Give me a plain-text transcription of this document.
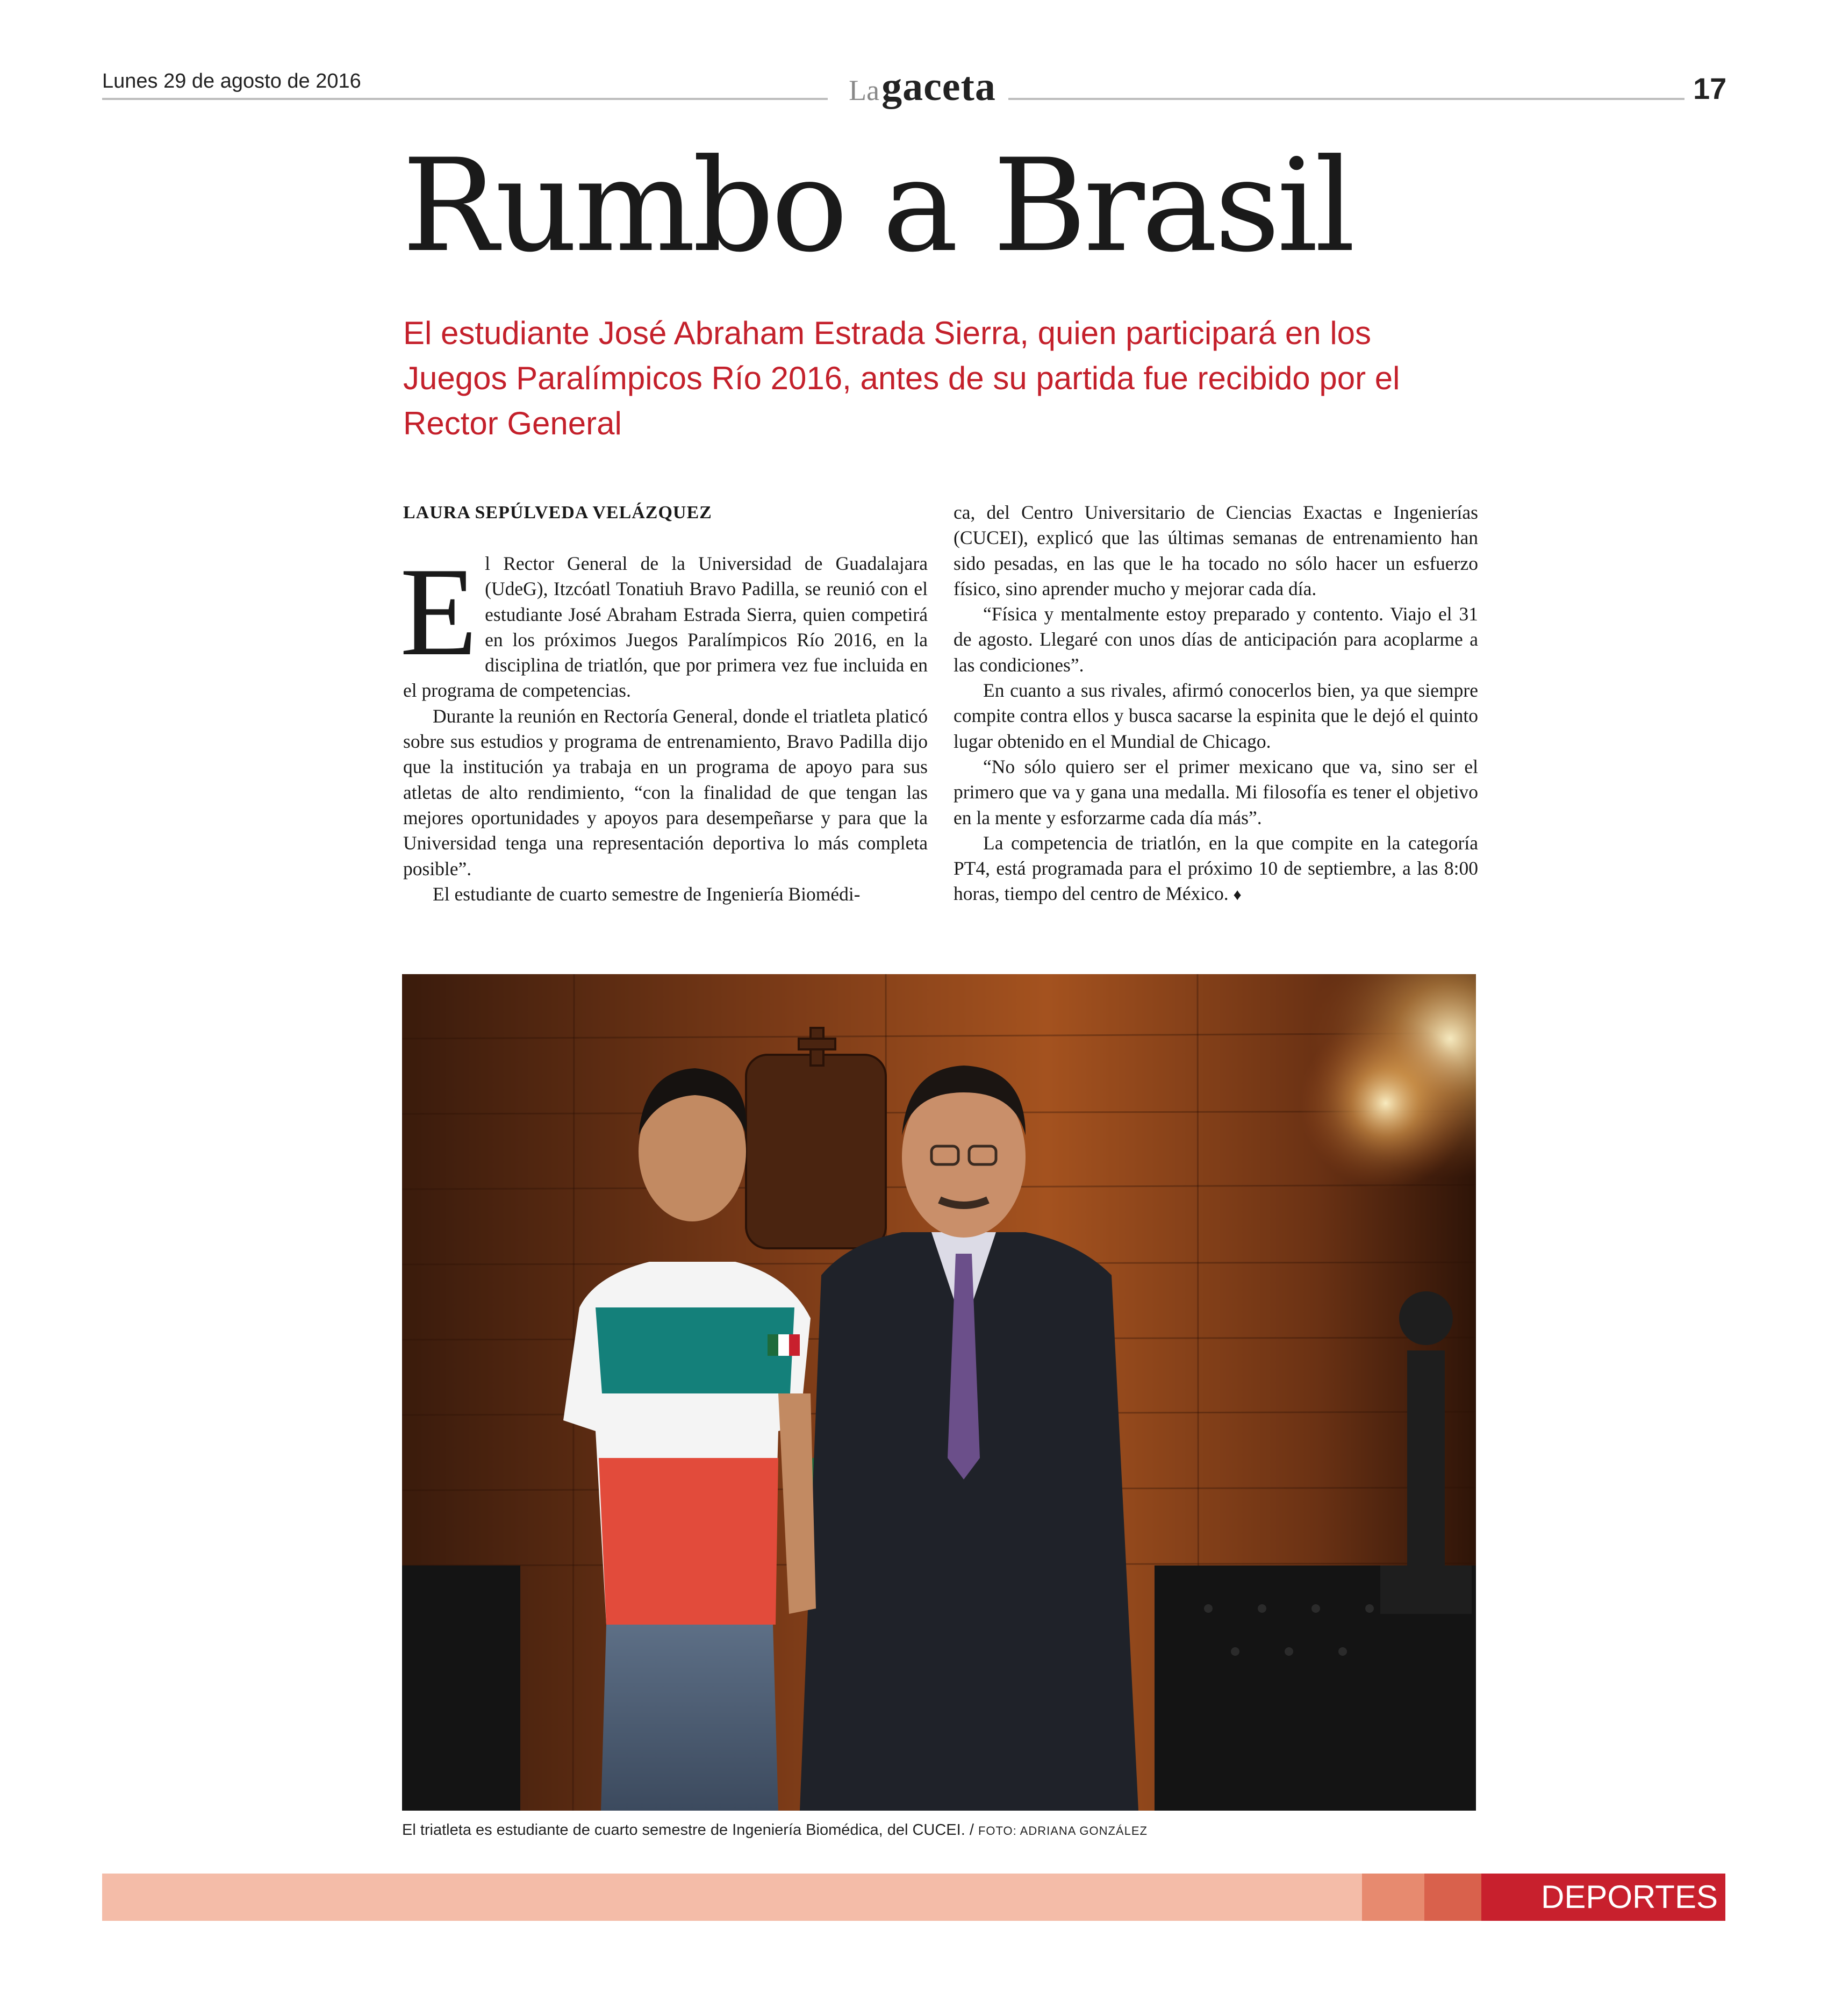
Lunes 29 de agosto de 2016	La gaceta	17
Rumbo a Brasil
El estudiante José Abraham Estrada Sierra, quien participará en los Juegos Paralímpicos Río 2016, antes de su partida fue recibido por el Rector General
LAURA SEPÚLVEDA VELÁZQUEZ

El Rector General de la Universidad de Guadalajara (UdeG), Itzcóatl Tonatiuh Bravo Padilla, se reunió con el estudiante José Abraham Estrada Sierra, quien competirá en los próximos Juegos Paralímpicos Río 2016, en la disciplina de triatlón, que por primera vez fue incluida en el programa de competencias.

Durante la reunión en Rectoría General, donde el triatleta platicó sobre sus estudios y programa de entrenamiento, Bravo Padilla dijo que la institución ya trabaja en un programa de apoyo para sus atletas de alto rendimiento, “con la finalidad de que tengan las mejores oportunidades y apoyos para desempeñarse y para que la Universidad tenga una representación deportiva lo más completa posible”.

El estudiante de cuarto semestre de Ingeniería Biomédi-

ca, del Centro Universitario de Ciencias Exactas e Ingenierías (CUCEI), explicó que las últimas semanas de entrenamiento han sido pesadas, en las que le ha tocado no sólo hacer un esfuerzo físico, sino aprender mucho y mejorar cada día.

“Física y mentalmente estoy preparado y contento. Viajo el 31 de agosto. Llegaré con unos días de anticipación para acoplarme a las condiciones”.

En cuanto a sus rivales, afirmó conocerlos bien, ya que siempre compite contra ellos y busca sacarse la espinita que le dejó el quinto lugar obtenido en el Mundial de Chicago.

“No sólo quiero ser el primer mexicano que va, sino ser el primero que va y gana una medalla. Mi filosofía es tener el objetivo en la mente y esforzarme cada día más”.

La competencia de triatlón, en la que compite en la categoría PT4, está programada para el próximo 10 de septiembre, a las 8:00 horas, tiempo del centro de México. ♦

El triatleta es estudiante de cuarto semestre de Ingeniería Biomédica, del CUCEI. / FOTO: ADRIANA GONZÁLEZ
DEPORTES
